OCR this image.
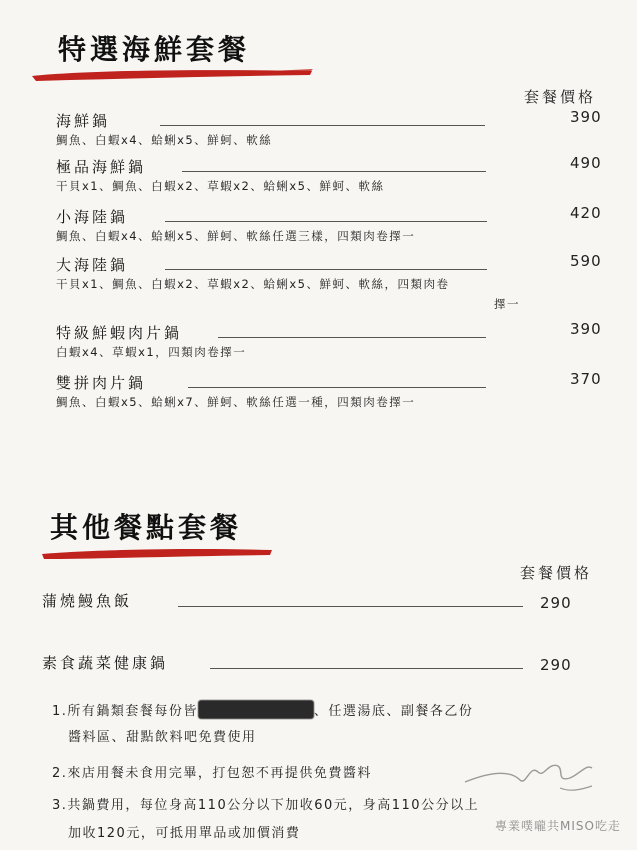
特選海鮮套餐
套餐價格
海鮮鍋	390
鯛魚、白蝦x4、蛤蜊x5、鮮蚵、軟絲
極品海鮮鍋	490
干貝x1、鯛魚、白蝦x2、草蝦x2、蛤蜊x5、鮮蚵、軟絲
小海陸鍋	420
鯛魚、白蝦x4、蛤蜊x5、鮮蚵、軟絲任選三樣，四類肉卷擇一
大海陸鍋	590
干貝x1、鯛魚、白蝦x2、草蝦x2、蛤蜊x5、鮮蚵、軟絲，四類肉卷
擇一
特級鮮蝦肉片鍋	390
白蝦x4、草蝦x1，四類肉卷擇一
雙拼肉片鍋	370
鯛魚、白蝦x5、蛤蜊x7、鮮蚵、軟絲任選一種，四類肉卷擇一
其他餐點套餐
套餐價格
蒲燒鰻魚飯	290
素食蔬菜健康鍋	290
1.所有鍋類套餐每份皆	、任選湯底、副餐各乙份
醬料區、甜點飲料吧免費使用
2.來店用餐未食用完畢，打包恕不再提供免費醬料
3.共鍋費用，每位身高110公分以下加收60元，身高110公分以上
加收120元，可抵用單品或加價消費	專業噗嚨共MISO吃走
